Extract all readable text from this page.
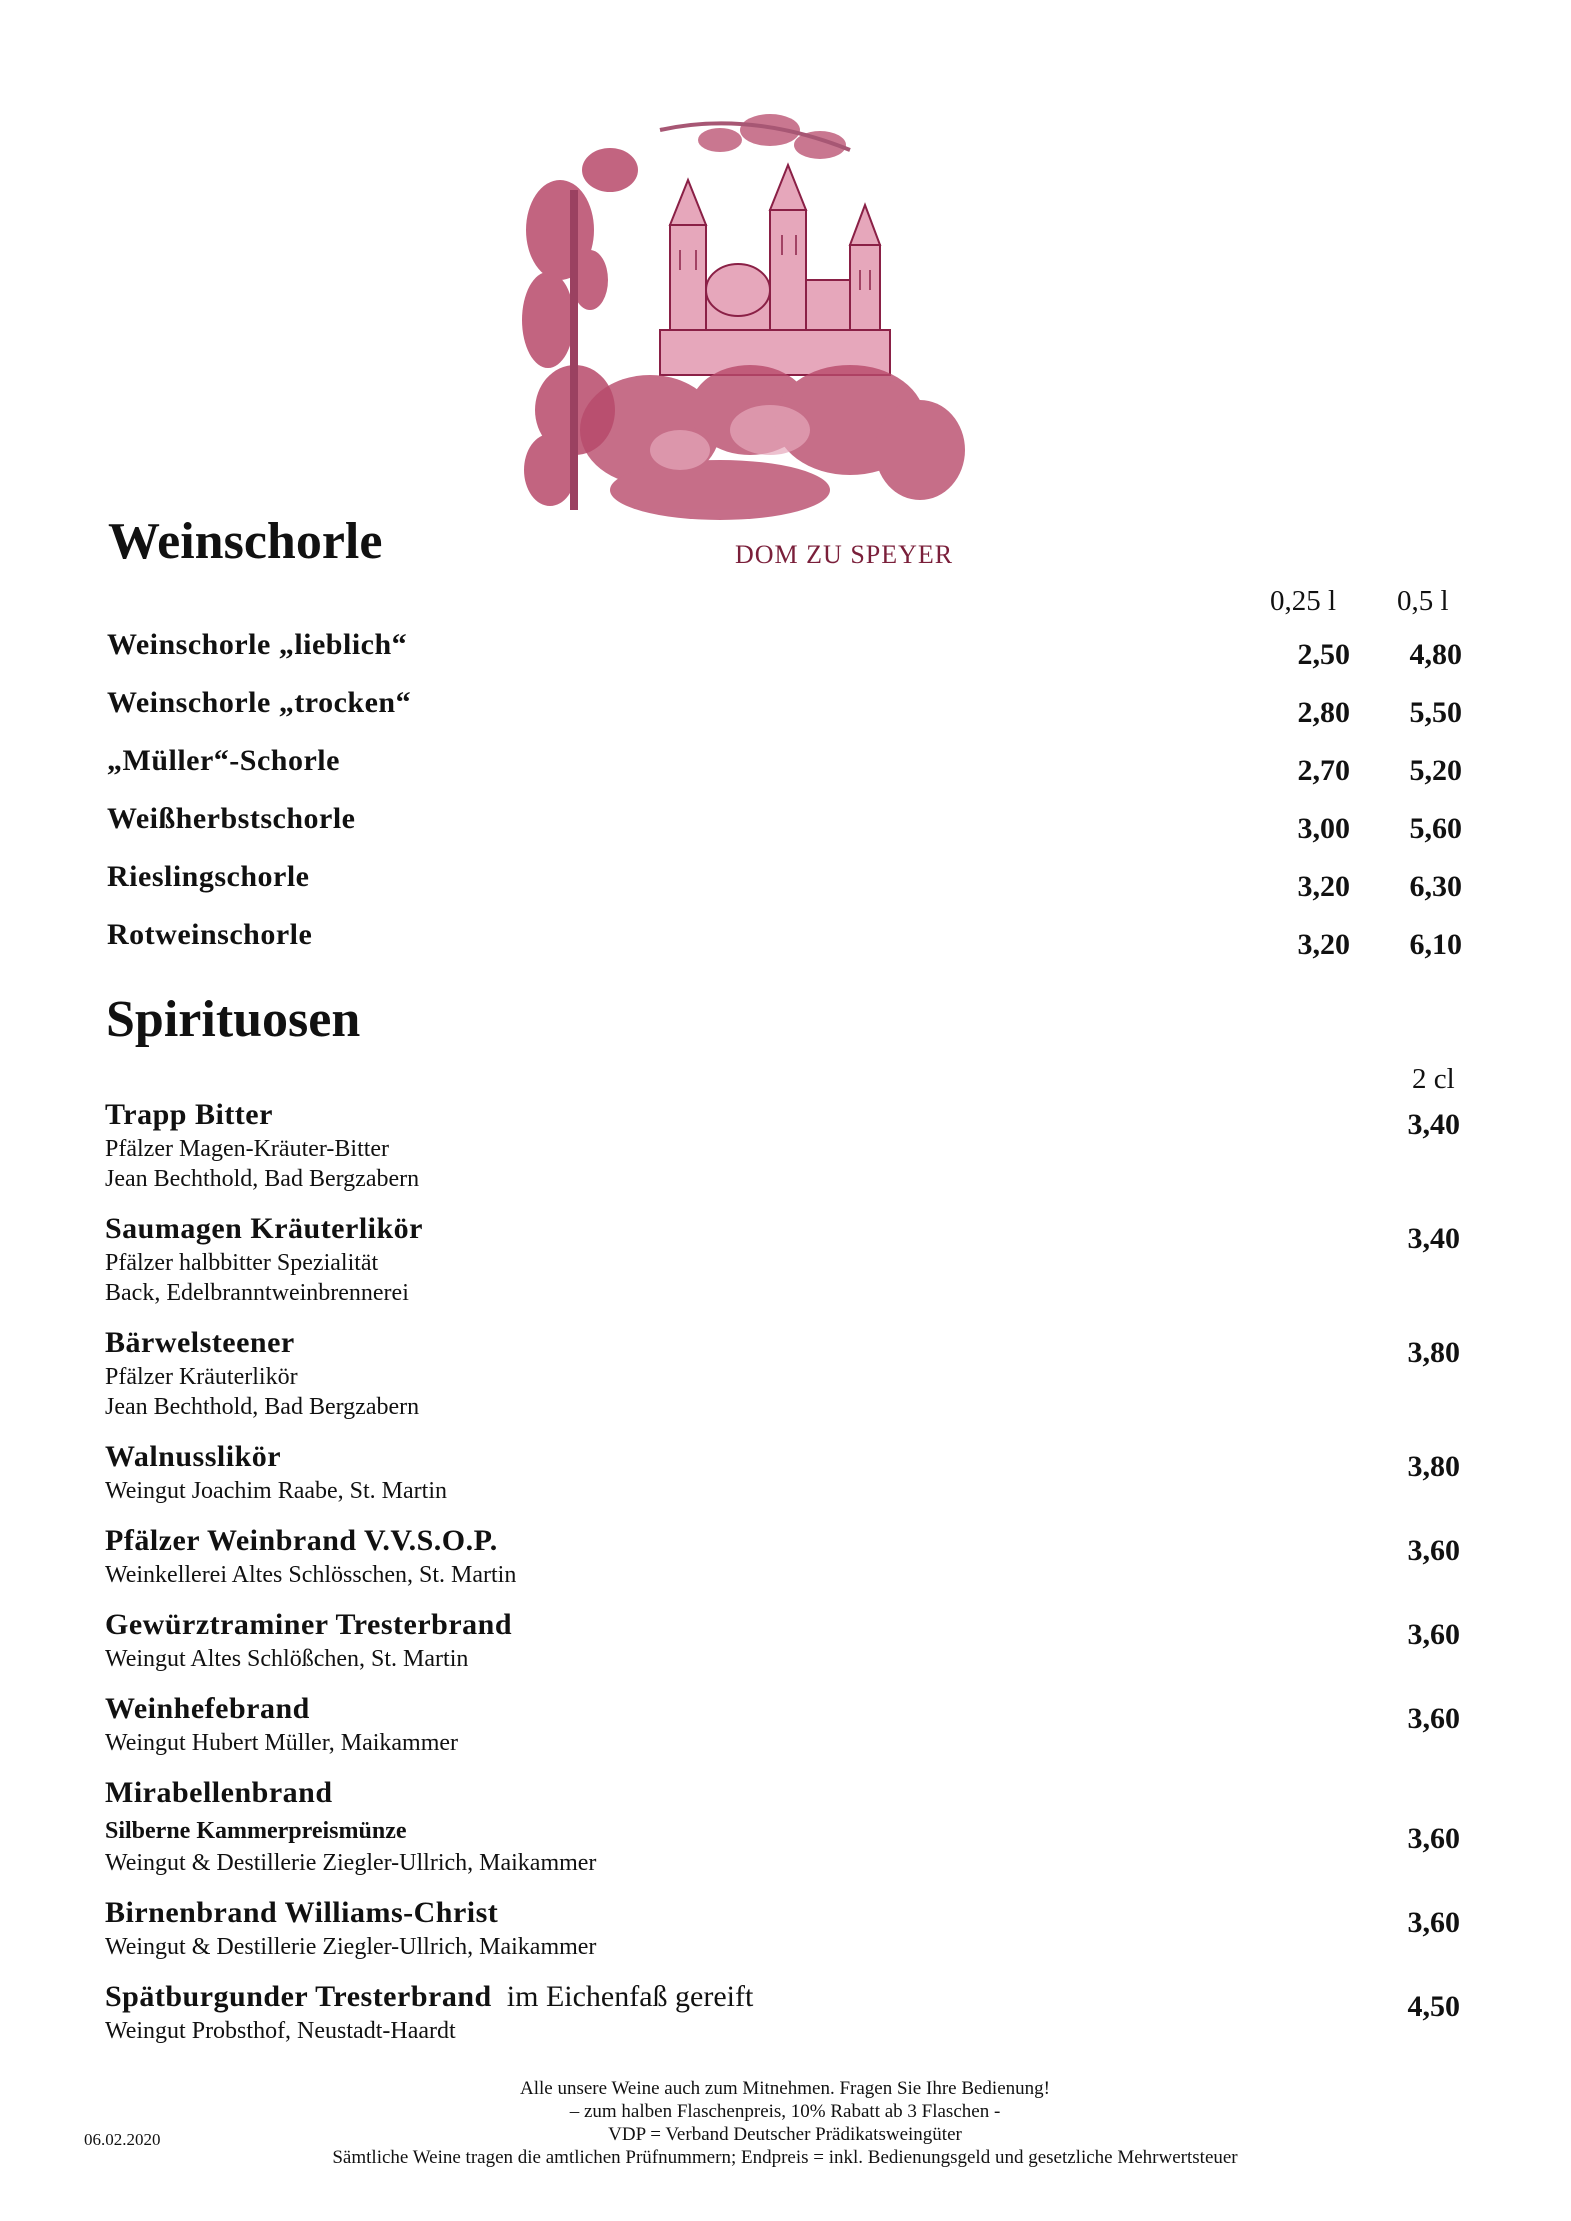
DOM ZU SPEYER
Weinschorle
0,25 l 0,5 l
Weinschorle „lieblich“	2,50	4,80
Weinschorle „trocken“	2,80	5,50
„Müller“-Schorle	2,70	5,20
Weißherbstschorle	3,00	5,60
Rieslingschorle	3,20	6,30
Rotweinschorle	3,20	6,10
Spirituosen
2 cl
Trapp Bitter
Pfälzer Magen-Kräuter-Bitter
Jean Bechthold, Bad Bergzabern
3,40
Saumagen Kräuterlikör
Pfälzer halbbitter Spezialität
Back, Edelbranntweinbrennerei
3,40
Bärwelsteener
Pfälzer Kräuterlikör
Jean Bechthold, Bad Bergzabern
3,80
Walnusslikör
Weingut Joachim Raabe, St. Martin
3,80
Pfälzer Weinbrand V.V.S.O.P.
Weinkellerei Altes Schlösschen, St. Martin
3,60
Gewürztraminer Tresterbrand
Weingut Altes Schlößchen, St. Martin
3,60
Weinhefebrand
Weingut Hubert Müller, Maikammer
3,60
Mirabellenbrand
Silberne Kammerpreismünze
Weingut & Destillerie Ziegler-Ullrich, Maikammer
3,60
Birnenbrand Williams-Christ
Weingut & Destillerie Ziegler-Ullrich, Maikammer
3,60
Spätburgunder Tresterbrand im Eichenfaß gereift
Weingut Probsthof, Neustadt-Haardt
4,50
Alle unsere Weine auch zum Mitnehmen. Fragen Sie Ihre Bedienung!
– zum halben Flaschenpreis, 10% Rabatt ab 3 Flaschen -
VDP = Verband Deutscher Prädikatsweingüter
Sämtliche Weine tragen die amtlichen Prüfnummern; Endpreis = inkl. Bedienungsgeld und gesetzliche Mehrwertsteuer
06.02.2020
